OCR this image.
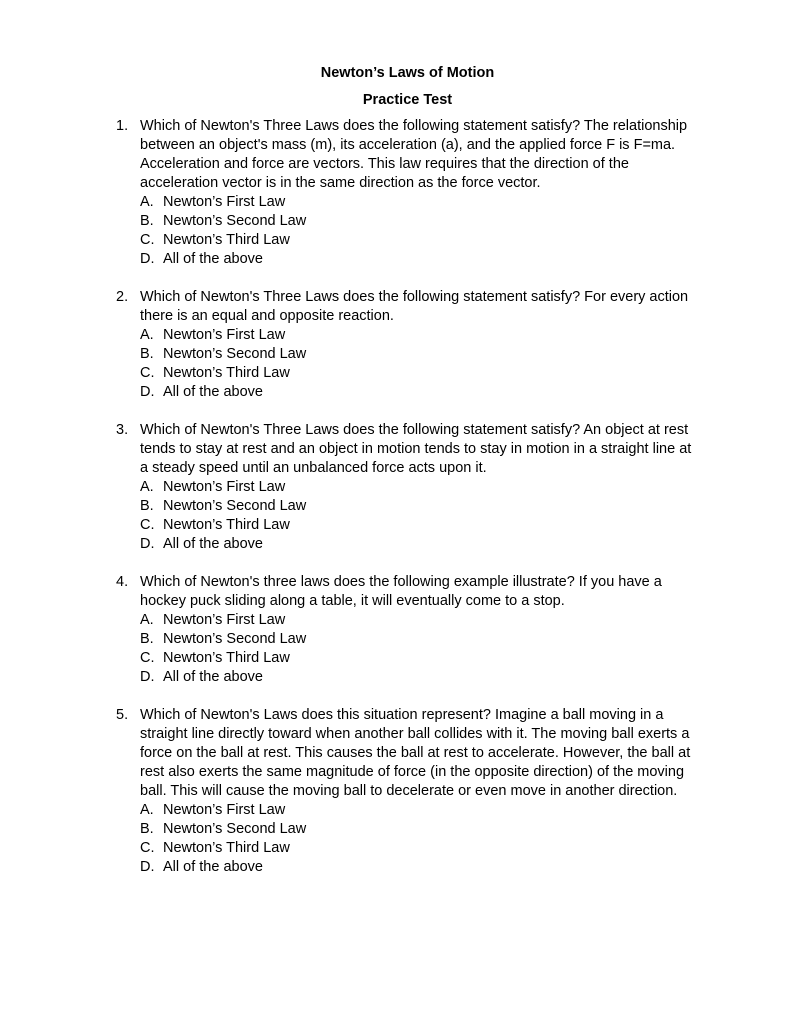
Newton’s Laws of Motion
Practice Test
1. Which of Newton's Three Laws does the following statement satisfy? The relationship between an object's mass (m), its acceleration (a), and the applied force F is F=ma. Acceleration and force are vectors. This law requires that the direction of the acceleration vector is in the same direction as the force vector.
A. Newton’s First Law
B. Newton’s Second Law
C. Newton’s Third Law
D. All of the above
2. Which of Newton's Three Laws does the following statement satisfy? For every action there is an equal and opposite reaction.
A. Newton’s First Law
B. Newton’s Second Law
C. Newton’s Third Law
D. All of the above
3. Which of Newton's Three Laws does the following statement satisfy? An object at rest tends to stay at rest and an object in motion tends to stay in motion in a straight line at a steady speed until an unbalanced force acts upon it.
A. Newton’s First Law
B. Newton’s Second Law
C. Newton’s Third Law
D. All of the above
4. Which of Newton's three laws does the following example illustrate? If you have a hockey puck sliding along a table, it will eventually come to a stop.
A. Newton’s First Law
B. Newton’s Second Law
C. Newton’s Third Law
D. All of the above
5. Which of Newton's Laws does this situation represent? Imagine a ball moving in a straight line directly toward when another ball collides with it. The moving ball exerts a force on the ball at rest. This causes the ball at rest to accelerate. However, the ball at rest also exerts the same magnitude of force (in the opposite direction) of the moving ball. This will cause the moving ball to decelerate or even move in another direction.
A. Newton’s First Law
B. Newton’s Second Law
C. Newton’s Third Law
D. All of the above
